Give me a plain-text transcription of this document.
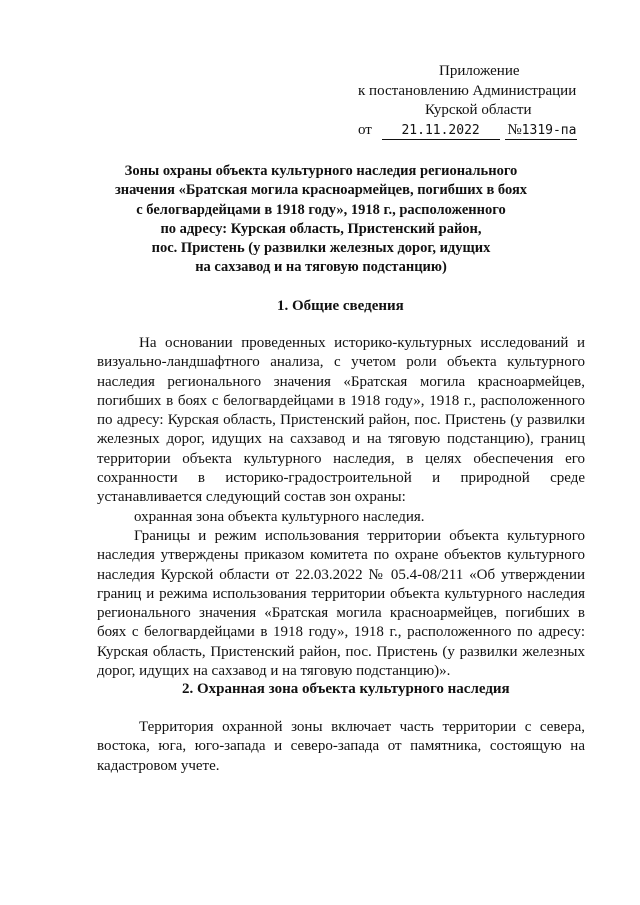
Приложение
к постановлению Администрации
Курской области
от 21.11.2022 №1319-па
Зоны охраны объекта культурного наследия регионального
значения «Братская могила красноармейцев, погибших в боях
с белогвардейцами в 1918 году», 1918 г., расположенного
по адресу: Курская область, Пристенский район,
пос. Пристень (у развилки железных дорог, идущих
на сахзавод и на тяговую подстанцию)
1. Общие сведения
На основании проведенных историко-культурных исследований и
визуально-ландшафтного анализа, с учетом роли объекта культурного
наследия регионального значения «Братская могила красноармейцев,
погибших в боях с белогвардейцами в 1918 году», 1918 г., расположенного
по адресу: Курская область, Пристенский район, пос. Пристень (у развилки
железных дорог, идущих на сахзавод и на тяговую подстанцию), границ
территории объекта культурного наследия, в целях обеспечения его
сохранности в историко-градостроительной и природной среде
устанавливается следующий состав зон охраны:
охранная зона объекта культурного наследия.
Границы и режим использования территории объекта культурного
наследия утверждены приказом комитета по охране объектов культурного
наследия Курской области от 22.03.2022 № 05.4-08/211 «Об утверждении
границ и режима использования территории объекта культурного наследия
регионального значения «Братская могила красноармейцев, погибших в
боях с белогвардейцами в 1918 году», 1918 г., расположенного по адресу:
Курская область, Пристенский район, пос. Пристень (у развилки железных
дорог, идущих на сахзавод и на тяговую подстанцию)».
2. Охранная зона объекта культурного наследия
Территория охранной зоны включает часть территории с севера,
востока, юга, юго-запада и северо-запада от памятника, состоящую на
кадастровом учете.
